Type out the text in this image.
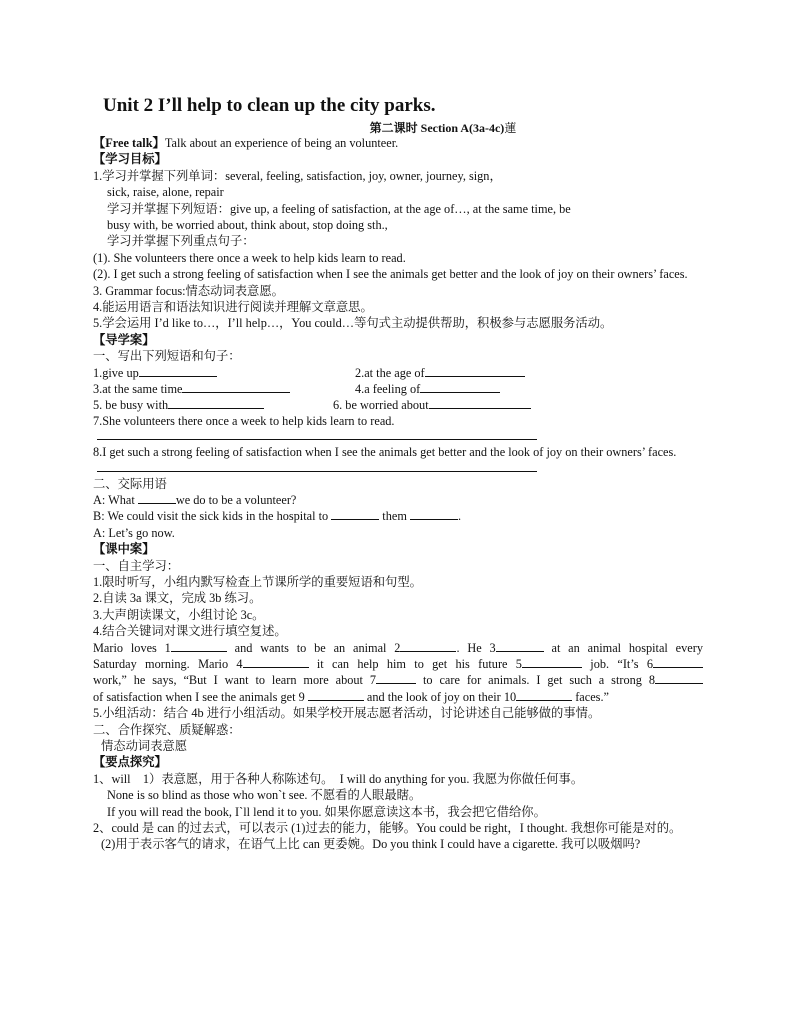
Unit 2 I’ll help to clean up the city parks.
第二课时 Section A(3a-4c)蓮
【Free talk】Talk about an experience of being an volunteer.
【学习目标】
1.学习并掌握下列单词：several, feeling, satisfaction, joy, owner, journey, sign，
sick, raise, alone, repair
学习并掌握下列短语：give up, a feeling of satisfaction, at the age of…, at the same time, be
busy with, be worried about, think about, stop doing sth.,
学习并掌握下列重点句子：
(1). She volunteers there once a week to help kids learn to read.
(2). I get such a strong feeling of satisfaction when I see the animals get better and the look of joy on their owners’ faces.
3. Grammar focus:情态动词表意愿。
4.能运用语言和语法知识进行阅读并理解文章意思。
5.学会运用 I’d like to…，I’ll help…，You could…等句式主动提供帮助，积极参与志愿服务活动。
【导学案】
一、写出下列短语和句子：
1.give up	2.at the age of
3.at the same time	4.a feeling of
5. be busy with	6. be worried about
7.She volunteers there once a week to help kids learn to read.
8.I get such a strong feeling of satisfaction when I see the animals get better and the look of joy on their owners’ faces.
二、交际用语
A: What	we do to be a volunteer?
B: We could visit the sick kids in the hospital to	them	.
A: Let’s go now.
【课中案】
一、自主学习：
1.限时听写，小组内默写检查上节课所学的重要短语和句型。
2.自读 3a 课文，完成 3b 练习。
3.大声朗读课文，小组讨论 3c。
4.结合关键词对课文进行填空复述。
Mario loves 1	and wants to be an animal 2	. He 3	at an animal hospital every
Saturday morning. Mario 4	it can help him to get his future 5	job. “It’s 6
work,” he says, “But I want to learn more about 7	to care for animals. I get such a strong 8
of satisfaction when I see the animals get 9	and the look of joy on their 10	faces.”
5.小组活动：结合 4b 进行小组活动。如果学校开展志愿者活动，讨论讲述自己能够做的事情。
二、合作探究、质疑解惑：
情态动词表意愿
【要点探究】
1、will　1）表意愿，用于各种人称陈述句。　I will do anything for you. 我愿为你做任何事。
None is so blind as those who won`t see. 不愿看的人眼最瞎。
If you will read the book, I`ll lend it to you. 如果你愿意读这本书，我会把它借给你。
2、could 是 can 的过去式，可以表示 (1)过去的能力，能够。You could be right，I thought. 我想你可能是对的。
(2)用于表示客气的请求，在语气上比 can 更委婉。Do you think I could have a cigarette. 我可以吸烟吗?
